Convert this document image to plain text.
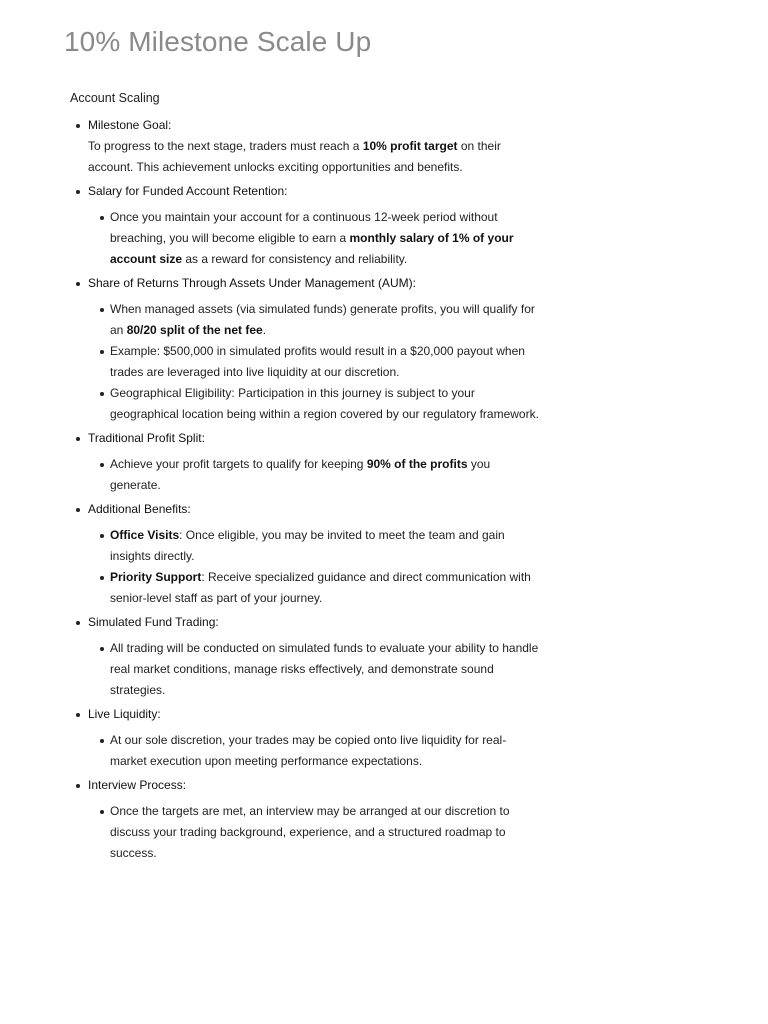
10% Milestone Scale Up

Account Scaling

Milestone Goal:
To progress to the next stage, traders must reach a 10% profit target on their account. This achievement unlocks exciting opportunities and benefits.
Salary for Funded Account Retention:
Once you maintain your account for a continuous 12-week period without breaching, you will become eligible to earn a monthly salary of 1% of your account size as a reward for consistency and reliability.
Share of Returns Through Assets Under Management (AUM):
When managed assets (via simulated funds) generate profits, you will qualify for an 80/20 split of the net fee.
Example: $500,000 in simulated profits would result in a $20,000 payout when trades are leveraged into live liquidity at our discretion.
Geographical Eligibility: Participation in this journey is subject to your geographical location being within a region covered by our regulatory framework.
Traditional Profit Split:
Achieve your profit targets to qualify for keeping 90% of the profits you generate.
Additional Benefits:
Office Visits: Once eligible, you may be invited to meet the team and gain insights directly.
Priority Support: Receive specialized guidance and direct communication with senior-level staff as part of your journey.
Simulated Fund Trading:
All trading will be conducted on simulated funds to evaluate your ability to handle real market conditions, manage risks effectively, and demonstrate sound strategies.
Live Liquidity:
At our sole discretion, your trades may be copied onto live liquidity for real-market execution upon meeting performance expectations.
Interview Process:
Once the targets are met, an interview may be arranged at our discretion to discuss your trading background, experience, and a structured roadmap to success.
